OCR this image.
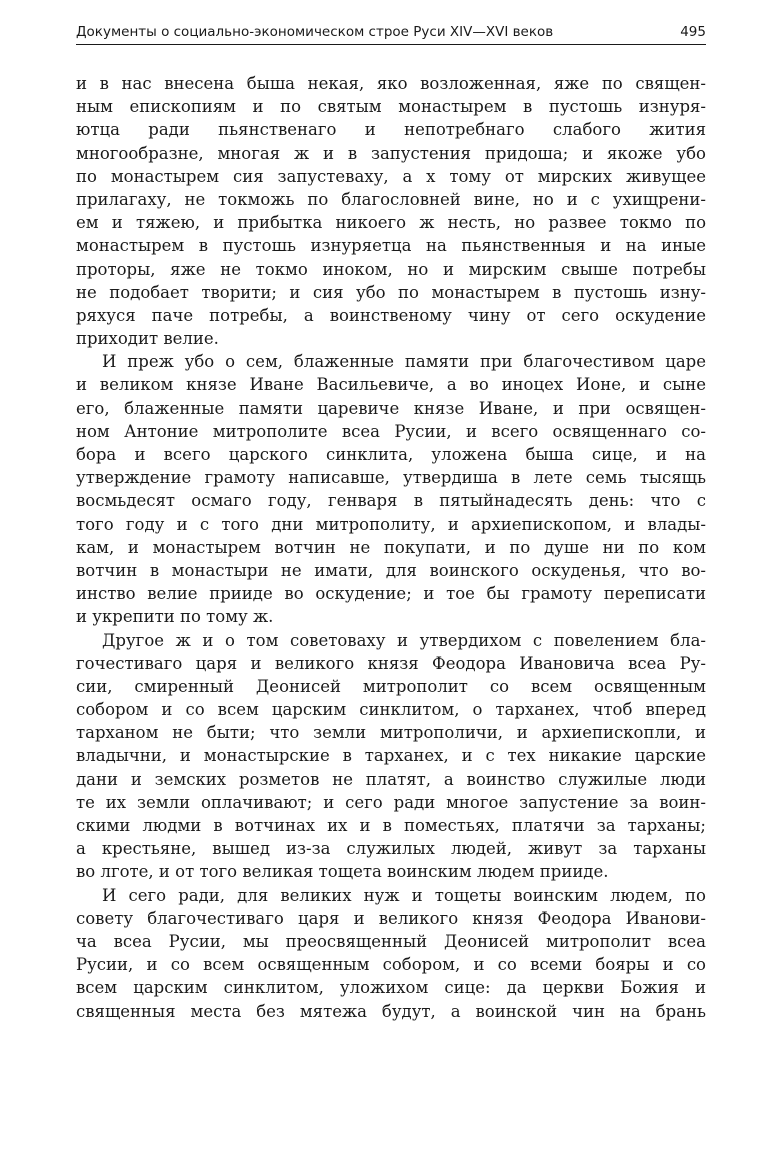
Документы о социально-экономическом строе Руси XIV—XVI веков	495
и в нас внесена быша некая, яко возложенная, яже по священ-
ным епископиям и по святым монастырем в пустошь изнуря-
ютца ради пьянственаго и непотребнаго слабого жития
многообразне, многая ж и в запустения придоша; и якоже убо
по монастырем сия запустеваху, а х тому от мирских живущее
прилагаху, не токможь по благословней вине, но и с ухищрени-
ем и тяжею, и прибытка никоего ж несть, но развее токмо по
монастырем в пустошь изнуряетца на пьянственныя и на иные
проторы, яже не токмо иноком, но и мирским свыше потребы
не подобает творити; и сия убо по монастырем в пустошь изну-
ряхуся паче потребы, а воинственому чину от сего оскудение
приходит велие.
И преж убо о сем, блаженные памяти при благочестивом царе
и великом князе Иване Васильевиче, а во иноцех Ионе, и сыне
его, блаженные памяти царевиче князе Иване, и при освящен-
ном Антоние митрополите всеа Русии, и всего освященнаго со-
бора и всего царского синклита, уложена быша сице, и на
утверждение грамоту написавше, утвердиша в лете семь тысящь
восмьдесят осмаго году, генваря в пятыйнадесять день: что с
того году и с того дни митрополиту, и архиепископом, и влады-
кам, и монастырем вотчин не покупати, и по душе ни по ком
вотчин в монастыри не имати, для воинского оскуденья, что во-
инство велие прииде во оскудение; и тое бы грамоту переписати
и укрепити по тому ж.
Другое ж и о том советоваху и утвердихом с повелением бла-
гочестиваго царя и великого князя Феодора Ивановича всеа Ру-
сии, смиренный Деонисей митрополит со всем освященным
собором и со всем царским синклитом, о тарханех, чтоб вперед
тарханом не быти; что земли митрополичи, и архиепископли, и
владычни, и монастырские в тарханех, и с тех никакие царские
дани и земских розметов не платят, а воинство служилые люди
те их земли оплачивают; и сего ради многое запустение за воин-
скими людми в вотчинах их и в поместьях, платячи за тарханы;
а крестьяне, вышед из-за служилых людей, живут за тарханы
во лготе, и от того великая тощета воинским людем прииде.
И сего ради, для великих нуж и тощеты воинским людем, по
совету благочестиваго царя и великого князя Феодора Иванови-
ча всеа Русии, мы преосвященный Деонисей митрополит всеа
Русии, и со всем освященным собором, и со всеми бояры и со
всем царским синклитом, уложихом сице: да церкви Божия и
священныя места без мятежа будут, а воинской чин на брань
